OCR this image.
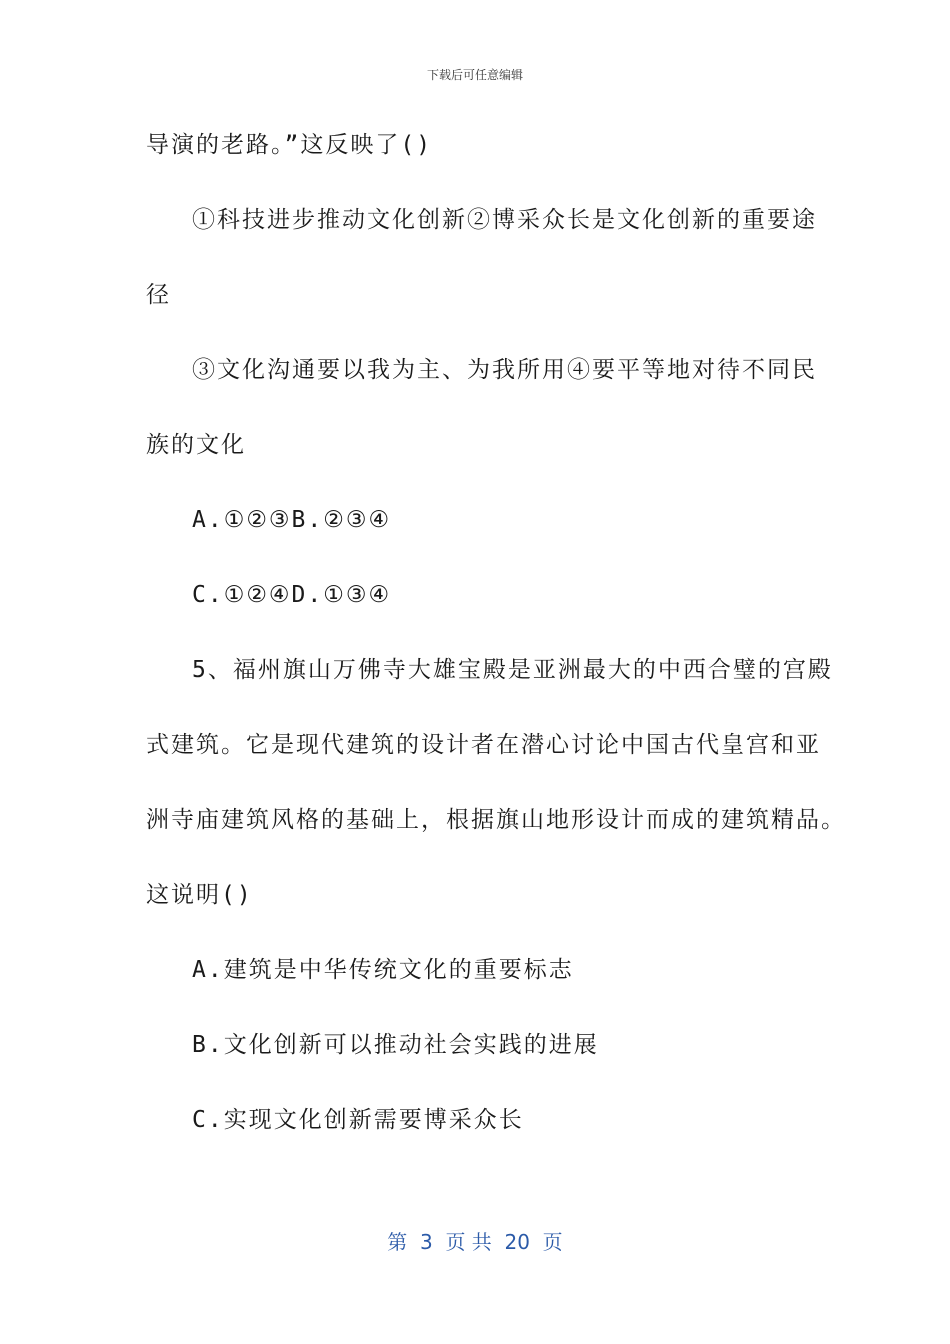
下载后可任意编辑
导演的老路。”这反映了()
①科技进步推动文化创新②博采众长是文化创新的重要途
径
③文化沟通要以我为主、为我所用④要平等地对待不同民
族的文化
A.①②③B.②③④
C.①②④D.①③④
5、福州旗山万佛寺大雄宝殿是亚洲最大的中西合璧的宫殿
式建筑。它是现代建筑的设计者在潜心讨论中国古代皇宫和亚
洲寺庙建筑风格的基础上，根据旗山地形设计而成的建筑精品。
这说明()
A.建筑是中华传统文化的重要标志
B.文化创新可以推动社会实践的进展
C.实现文化创新需要博采众长
第  3  页 共  20  页
